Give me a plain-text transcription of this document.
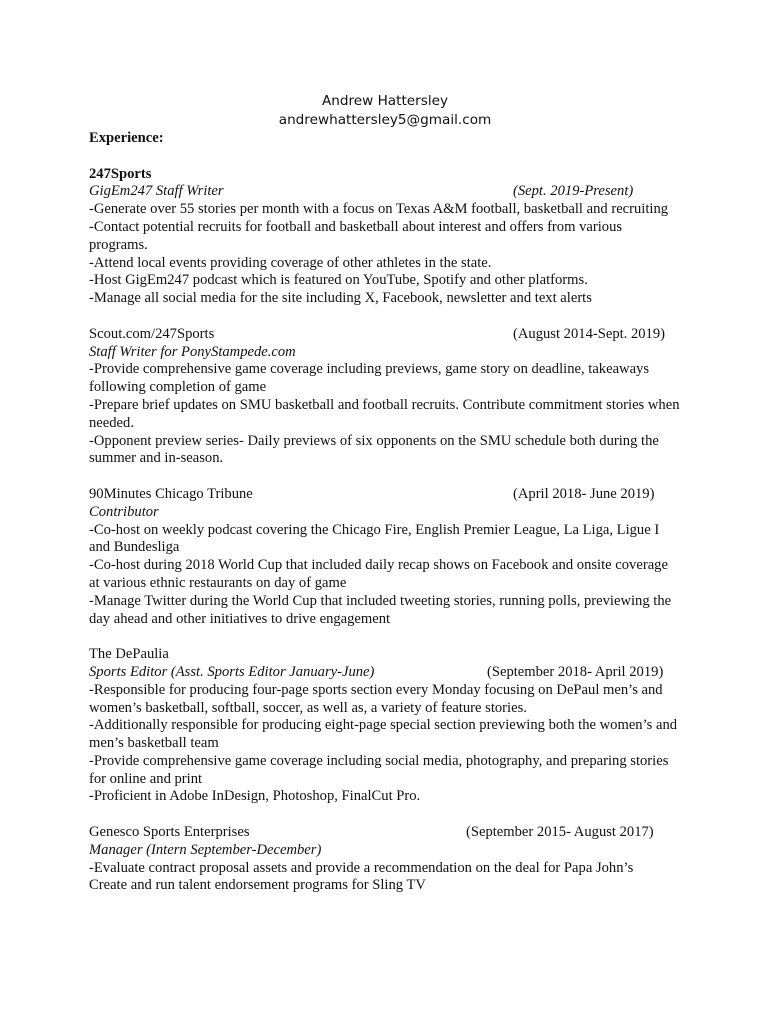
Andrew Hattersley
andrewhattersley5@gmail.com
Experience:
247Sports
GigEm247 Staff Writer	(Sept. 2019-Present)
-Generate over 55 stories per month with a focus on Texas A&M football, basketball and recruiting
-Contact potential recruits for football and basketball about interest and offers from various programs.
-Attend local events providing coverage of other athletes in the state.
-Host GigEm247 podcast which is featured on YouTube, Spotify and other platforms.
-Manage all social media for the site including X, Facebook, newsletter and text alerts
Scout.com/247Sports	(August 2014-Sept. 2019)
Staff Writer for PonyStampede.com
-Provide comprehensive game coverage including previews, game story on deadline, takeaways following completion of game
-Prepare brief updates on SMU basketball and football recruits. Contribute commitment stories when needed.
-Opponent preview series- Daily previews of six opponents on the SMU schedule both during the summer and in-season.
90Minutes Chicago Tribune	(April 2018- June 2019)
Contributor
-Co-host on weekly podcast covering the Chicago Fire, English Premier League, La Liga, Ligue I and Bundesliga
-Co-host during 2018 World Cup that included daily recap shows on Facebook and onsite coverage at various ethnic restaurants on day of game
-Manage Twitter during the World Cup that included tweeting stories, running polls, previewing the day ahead and other initiatives to drive engagement
The DePaulia
Sports Editor (Asst. Sports Editor January-June)	(September 2018- April 2019)
-Responsible for producing four-page sports section every Monday focusing on DePaul men’s and women’s basketball, softball, soccer, as well as, a variety of feature stories.
-Additionally responsible for producing eight-page special section previewing both the women’s and men’s basketball team
-Provide comprehensive game coverage including social media, photography, and preparing stories for online and print
-Proficient in Adobe InDesign, Photoshop, FinalCut Pro.
Genesco Sports Enterprises	(September 2015- August 2017)
Manager (Intern September-December)
-Evaluate contract proposal assets and provide a recommendation on the deal for Papa John’s
Create and run talent endorsement programs for Sling TV
